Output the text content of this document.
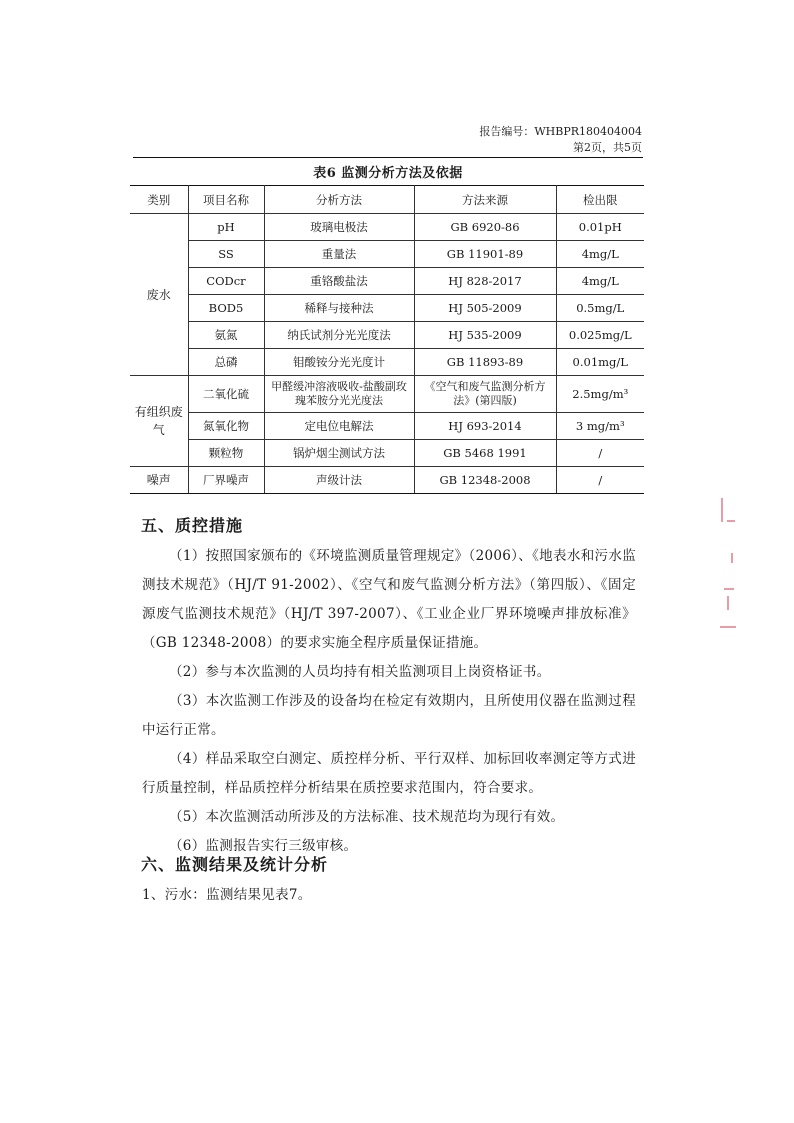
报告编号：WHBPR180404004
第2页，共5页
表6 监测分析方法及依据
类别	项目名称	分析方法	方法来源	检出限
废水	pH	玻璃电极法	GB 6920-86	0.01pH
	SS	重量法	GB 11901-89	4mg/L
	CODcr	重铬酸盐法	HJ 828-2017	4mg/L
	BOD5	稀释与接种法	HJ 505-2009	0.5mg/L
	氨氮	纳氏试剂分光光度法	HJ 535-2009	0.025mg/L
	总磷	钼酸铵分光光度计	GB 11893-89	0.01mg/L
有组织废气	二氧化硫	甲醛缓冲溶液吸收-盐酸副玫瑰苯胺分光光度法	《空气和废气监测分析方法》(第四版)	2.5mg/m³
	氮氧化物	定电位电解法	HJ 693-2014	3 mg/m³
	颗粒物	锅炉烟尘测试方法	GB 5468 1991	/
噪声	厂界噪声	声级计法	GB 12348-2008	/
五、质控措施
（1）按照国家颁布的《环境监测质量管理规定》（2006）、《地表水和污水监测技术规范》（HJ/T 91-2002）、《空气和废气监测分析方法》（第四版）、《固定源废气监测技术规范》（HJ/T 397-2007）、《工业企业厂界环境噪声排放标准》（GB 12348-2008）的要求实施全程序质量保证措施。
（2）参与本次监测的人员均持有相关监测项目上岗资格证书。
（3）本次监测工作涉及的设备均在检定有效期内，且所使用仪器在监测过程中运行正常。
（4）样品采取空白测定、质控样分析、平行双样、加标回收率测定等方式进行质量控制，样品质控样分析结果在质控要求范围内，符合要求。
（5）本次监测活动所涉及的方法标准、技术规范均为现行有效。
（6）监测报告实行三级审核。
六、监测结果及统计分析
1、污水：监测结果见表7。
